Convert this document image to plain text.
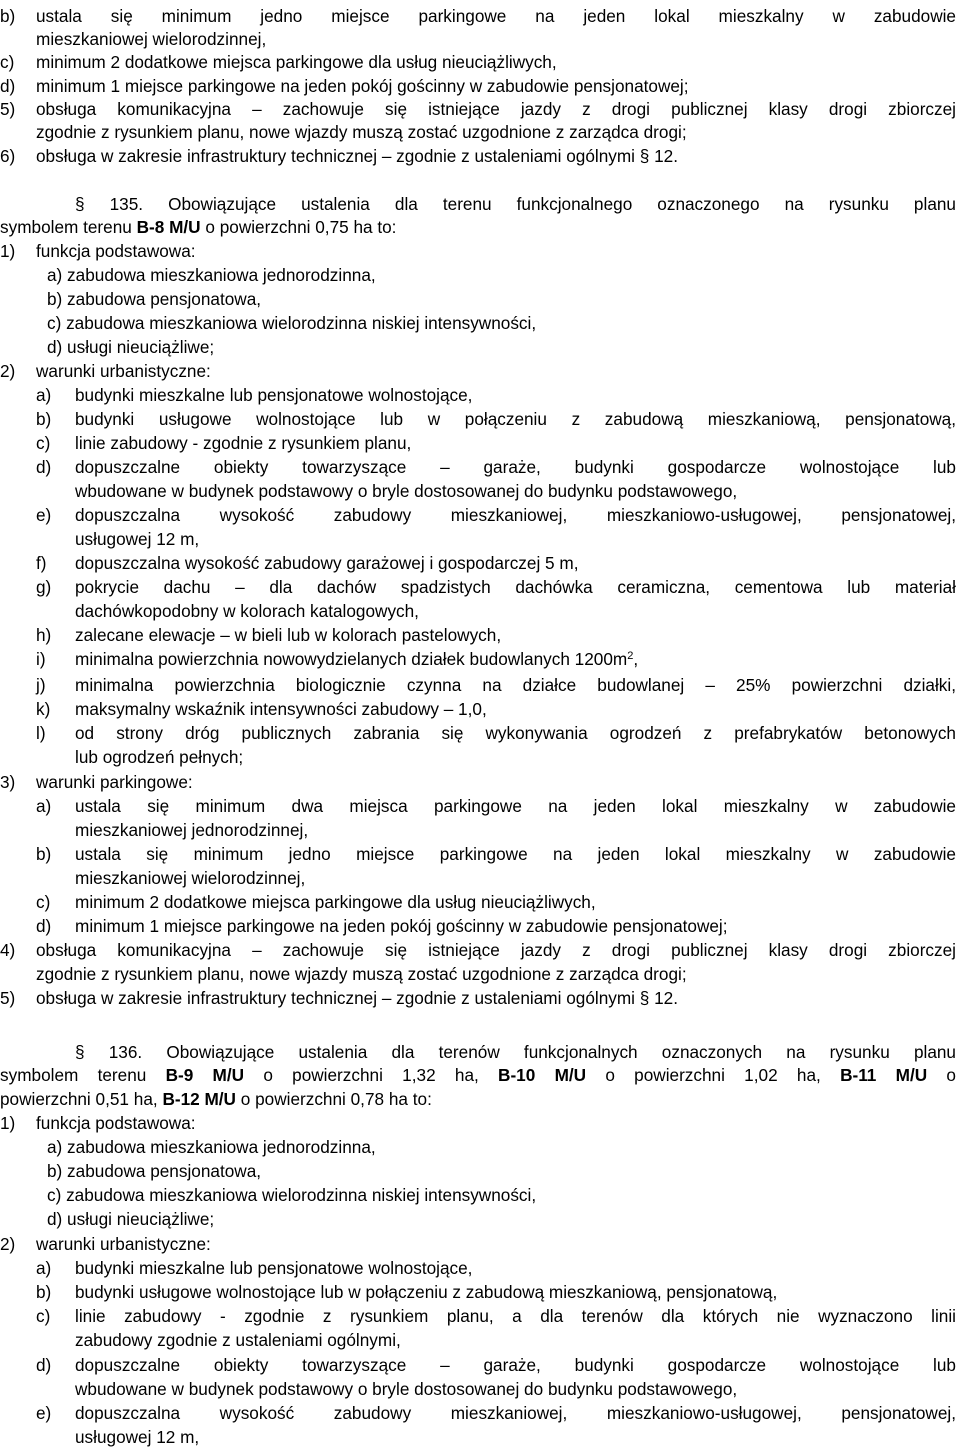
b) ustala się minimum jedno miejsce parkingowe na jeden lokal mieszkalny w zabudowie
mieszkaniowej wielorodzinnej,
c) minimum 2 dodatkowe miejsca parkingowe dla usług nieuciążliwych,
d) minimum 1 miejsce parkingowe na jeden pokój gościnny w zabudowie pensjonatowej;
5) obsługa komunikacyjna – zachowuje się istniejące jazdy z drogi publicznej klasy drogi zbiorczej
zgodnie z rysunkiem planu, nowe wjazdy muszą zostać uzgodnione z zarządca drogi;
6) obsługa w zakresie infrastruktury technicznej – zgodnie z ustaleniami ogólnymi § 12.
§ 135. Obowiązujące ustalenia dla terenu funkcjonalnego oznaczonego na rysunku planu
symbolem terenu B-8 M/U o powierzchni 0,75 ha to:
1) funkcja podstawowa:
a) zabudowa mieszkaniowa jednorodzinna,
b) zabudowa pensjonatowa,
c) zabudowa mieszkaniowa wielorodzinna niskiej intensywności,
d) usługi nieuciążliwe;
2) warunki urbanistyczne:
a) budynki mieszkalne lub pensjonatowe wolnostojące,
b) budynki usługowe wolnostojące lub w połączeniu z zabudową mieszkaniową, pensjonatową,
c) linie zabudowy - zgodnie z rysunkiem planu,
d) dopuszczalne obiekty towarzyszące – garaże, budynki gospodarcze wolnostojące lub
wbudowane w budynek podstawowy o bryle dostosowanej do budynku podstawowego,
e) dopuszczalna wysokość zabudowy mieszkaniowej, mieszkaniowo-usługowej, pensjonatowej,
usługowej 12 m,
f) dopuszczalna wysokość zabudowy garażowej i gospodarczej 5 m,
g) pokrycie dachu – dla dachów spadzistych dachówka ceramiczna, cementowa lub materiał
dachówkopodobny w kolorach katalogowych,
h) zalecane elewacje – w bieli lub w kolorach pastelowych,
i) minimalna powierzchnia nowowydzielanych działek budowlanych $1200m^2$,
j) minimalna powierzchnia biologicznie czynna na działce budowlanej – 25% powierzchni działki,
k) maksymalny wskaźnik intensywności zabudowy – 1,0,
l) od strony dróg publicznych zabrania się wykonywania ogrodzeń z prefabrykatów betonowych
lub ogrodzeń pełnych;
3) warunki parkingowe:
a) ustala się minimum dwa miejsca parkingowe na jeden lokal mieszkalny w zabudowie
mieszkaniowej jednorodzinnej,
b) ustala się minimum jedno miejsce parkingowe na jeden lokal mieszkalny w zabudowie
mieszkaniowej wielorodzinnej,
c) minimum 2 dodatkowe miejsca parkingowe dla usług nieuciążliwych,
d) minimum 1 miejsce parkingowe na jeden pokój gościnny w zabudowie pensjonatowej;
4) obsługa komunikacyjna – zachowuje się istniejące jazdy z drogi publicznej klasy drogi zbiorczej
zgodnie z rysunkiem planu, nowe wjazdy muszą zostać uzgodnione z zarządca drogi;
5) obsługa w zakresie infrastruktury technicznej – zgodnie z ustaleniami ogólnymi § 12.
§ 136. Obowiązujące ustalenia dla terenów funkcjonalnych oznaczonych na rysunku planu
symbolem terenu B-9 M/U o powierzchni 1,32 ha, B-10 M/U o powierzchni 1,02 ha, B-11 M/U o
powierzchni 0,51 ha, B-12 M/U o powierzchni 0,78 ha to:
1) funkcja podstawowa:
a) zabudowa mieszkaniowa jednorodzinna,
b) zabudowa pensjonatowa,
c) zabudowa mieszkaniowa wielorodzinna niskiej intensywności,
d) usługi nieuciążliwe;
2) warunki urbanistyczne:
a) budynki mieszkalne lub pensjonatowe wolnostojące,
b) budynki usługowe wolnostojące lub w połączeniu z zabudową mieszkaniową, pensjonatową,
c) linie zabudowy - zgodnie z rysunkiem planu, a dla terenów dla których nie wyznaczono linii
zabudowy zgodnie z ustaleniami ogólnymi,
d) dopuszczalne obiekty towarzyszące – garaże, budynki gospodarcze wolnostojące lub
wbudowane w budynek podstawowy o bryle dostosowanej do budynku podstawowego,
e) dopuszczalna wysokość zabudowy mieszkaniowej, mieszkaniowo-usługowej, pensjonatowej,
usługowej 12 m,
